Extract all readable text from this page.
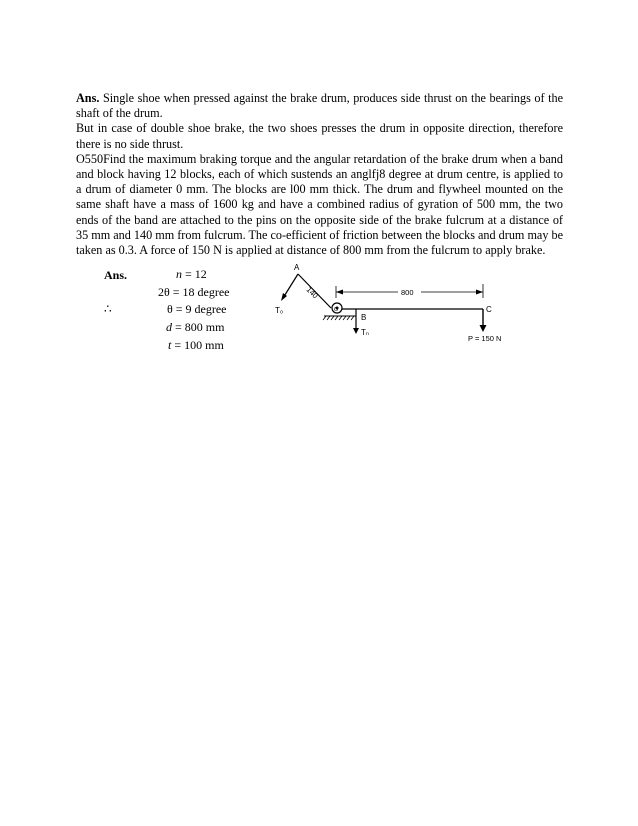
Ans. Single shoe when pressed against the brake drum, produces side thrust on the bearings of the shaft of the drum.

But in case of double shoe brake, the two shoes presses the drum in opposite direction, therefore there is no side thrust.

O550Find the maximum braking torque and the angular retardation of the brake drum when a band and block having 12 blocks, each of which sustends an anglfj8 degree at drum centre, is applied to a drum of diameter 0 mm. The blocks are l00 mm thick. The drum and flywheel mounted on the same shaft have a mass of 1600 kg and have a combined radius of gyration of 500 mm, the two ends of the band are attached to the pins on the opposite side of the brake fulcrum at a distance of 35 mm and 140 mm from fulcrum. The co-efficient of friction between the blocks and drum may be taken as 0.3. A force of 150 N is applied at distance of 800 mm from the fulcrum to apply brake.

Ans.
∴
n = 12
2θ = 18 degree
θ = 9 degree
d = 800 mm
t = 100 mm
A
140
O
T₀
B
Tₙ
800
C
P = 150 N
